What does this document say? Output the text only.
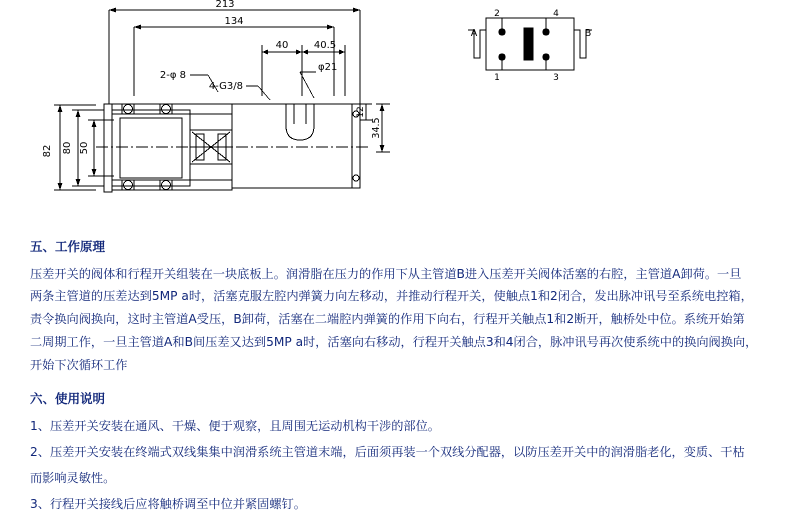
213
134
40	40.5
φ21
2-φ 8
4-G3/8
82 80 50
12
34.5
2	4
1	3
A	B
五、工作原理

压差开关的阀体和行程开关组装在一块底板上。润滑脂在压力的作用下从主管道B进入压差开关阀体活塞的右腔，主管道A卸荷。一旦

两条主管道的压差达到5MP a时，活塞克服左腔内弹簧力向左移动，并推动行程开关，使触点1和2闭合，发出脉冲讯号至系统电控箱，

责令换向阀换向，这时主管道A受压，B卸荷，活塞在二端腔内弹簧的作用下向右，行程开关触点1和2断开，触桥处中位。系统开始第

二周期工作，一旦主管道A和B间压差又达到5MP a时，活塞向右移动，行程开关触点3和4闭合，脉冲讯号再次使系统中的换向阀换向，

开始下次循环工作

六、使用说明

1、压差开关安装在通风、干燥、便于观察，且周围无运动机构干涉的部位。

2、压差开关安装在终端式双线集集中润滑系统主管道末端，后面须再装一个双线分配器，以防压差开关中的润滑脂老化，变质、干枯

而影响灵敏性。

3、行程开关接线后应将触桥调至中位并紧固螺钉。
